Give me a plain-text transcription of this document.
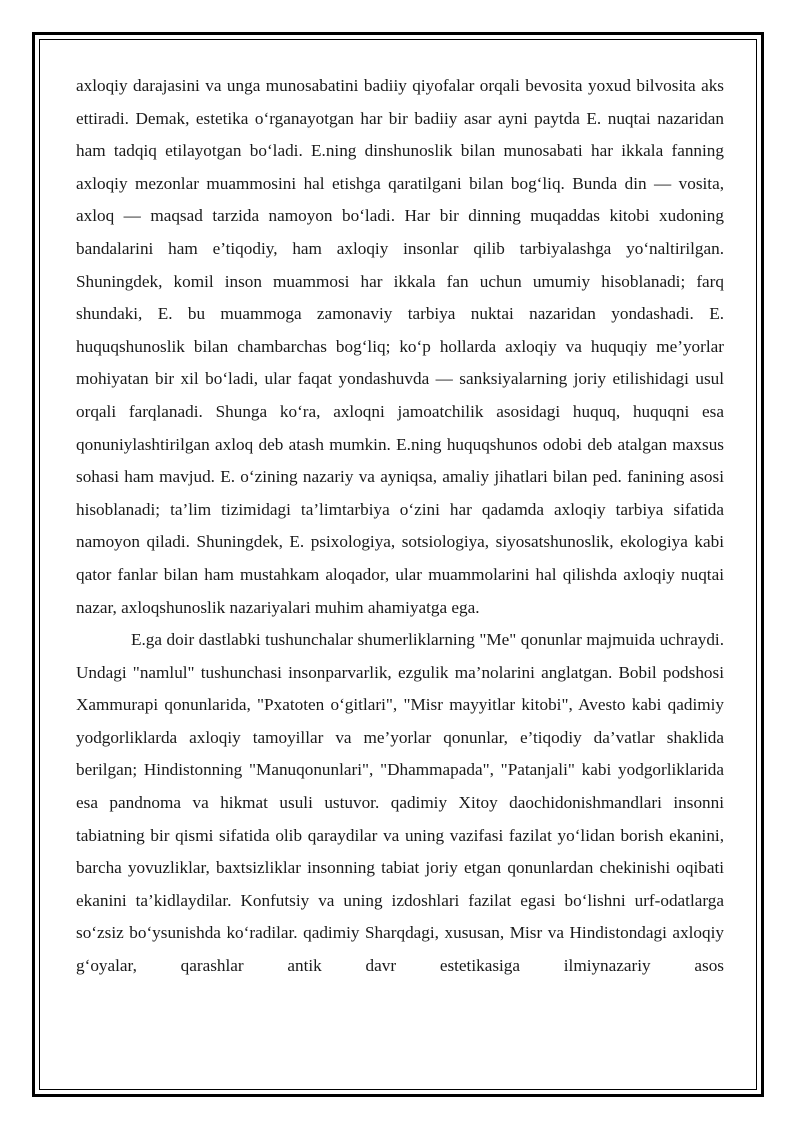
axloqiy darajasini va unga munosabatini badiiy qiyofalar orqali bevosita yoxud bilvosita aks ettiradi. Demak, estetika o‘rganayotgan har bir badiiy asar ayni paytda E. nuqtai nazaridan ham tadqiq etilayotgan bo‘ladi. E.ning dinshunoslik bilan munosabati har ikkala fanning axloqiy mezonlar muammosini hal etishga qaratilgani bilan bog‘liq. Bunda din — vosita, axloq — maqsad tarzida namoyon bo‘ladi. Har bir dinning muqaddas kitobi xudoning bandalarini ham e’tiqodiy, ham axloqiy insonlar qilib tarbiyalashga yo‘naltirilgan. Shuningdek, komil inson muammosi har ikkala fan uchun umumiy hisoblanadi; farq shundaki, E. bu muammoga zamonaviy tarbiya nuktai nazaridan yondashadi. E. huquqshunoslik bilan chambarchas bog‘liq; ko‘p hollarda axloqiy va huquqiy me’yorlar mohiyatan bir xil bo‘ladi, ular faqat yondashuvda — sanksiyalarning joriy etilishidagi usul orqali farqlanadi. Shunga ko‘ra, axloqni jamoatchilik asosidagi huquq, huquqni esa qonuniylashtirilgan axloq deb atash mumkin. E.ning huquqshunos odobi deb atalgan maxsus sohasi ham mavjud. E. o‘zining nazariy va ayniqsa, amaliy jihatlari bilan ped. fanining asosi hisoblanadi; ta’lim tizimidagi ta’limtarbiya o‘zini har qadamda axloqiy tarbiya sifatida namoyon qiladi. Shuningdek, E. psixologiya, sotsiologiya, siyosatshunoslik, ekologiya kabi qator fanlar bilan ham mustahkam aloqador, ular muammolarini hal qilishda axloqiy nuqtai nazar, axloqshunoslik nazariyalari muhim ahamiyatga ega.

E.ga doir dastlabki tushunchalar shumerliklarning "Me" qonunlar majmuida uchraydi. Undagi "namlul" tushunchasi insonparvarlik, ezgulik ma’nolarini anglatgan. Bobil podshosi Xammurapi qonunlarida, "Pxatoten o‘gitlari", "Misr mayyitlar kitobi", Avesto kabi qadimiy yodgorliklarda axloqiy tamoyillar va me’yorlar qonunlar, e’tiqodiy da’vatlar shaklida berilgan; Hindistonning "Manuqonunlari", "Dhammapada", "Patanjali" kabi yodgorliklarida esa pandnoma va hikmat usuli ustuvor. qadimiy Xitoy daochidonishmandlari insonni tabiatning bir qismi sifatida olib qaraydilar va uning vazifasi fazilat yo‘lidan borish ekanini, barcha yovuzliklar, baxtsizliklar insonning tabiat joriy etgan qonunlardan chekinishi oqibati ekanini ta’kidlaydilar. Konfutsiy va uning izdoshlari fazilat egasi bo‘lishni urf-odatlarga so‘zsiz bo‘ysunishda ko‘radilar. qadimiy Sharqdagi, xususan, Misr va Hindistondagi axloqiy g‘oyalar, qarashlar antik davr estetikasiga ilmiynazariy asos
